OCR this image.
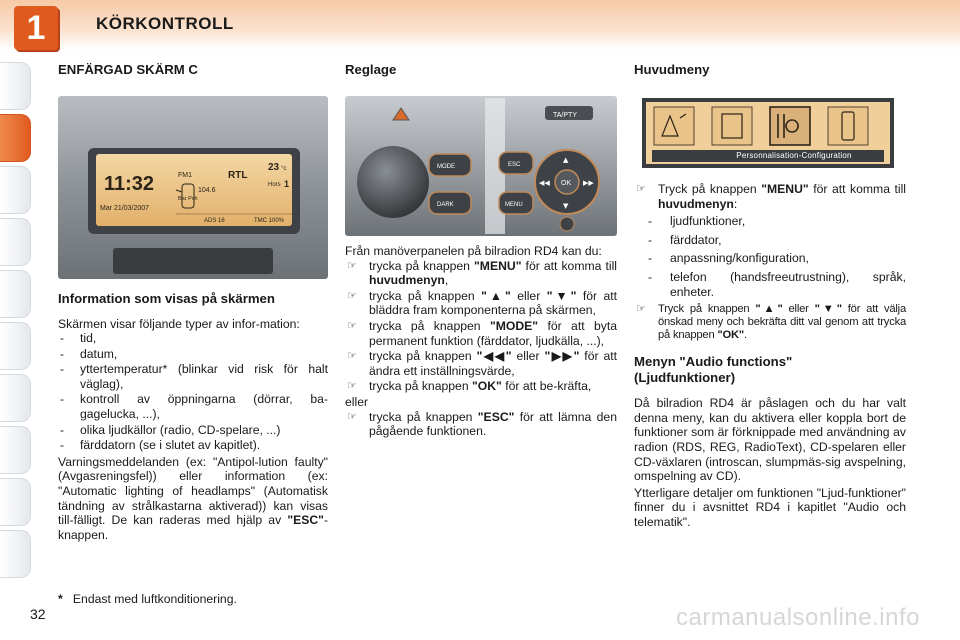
1	KÖRKONTROLL
ENFÄRGAD SKÄRM C
11:32
Mar 21/03/2007
23 °c
FM1	RTL
Hors 1
104.6
Bar Pch
ADS 16	TMC 100%
Information som visas på skärmen

Skärmen visar följande typer av infor-mation:

- tid,
- datum,
- yttertemperatur* (blinkar vid risk för halt väglag),
- kontroll av öppningarna (dörrar, ba-gagelucka, ...),
- olika ljudkällor (radio, CD-spelare, ...)
- färddatorn (se i slutet av kapitlet).

Varningsmeddelanden (ex: "Antipol-lution faulty" (Avgasreningsfel)) eller information (ex: "Automatic lighting of headlamps" (Automatisk tändning av strålkastarna aktiverad)) kan visas till-fälligt. De kan raderas med hjälp av "ESC"-knappen.

Reglage
TA/PTY
MODE
DARK
ESC
MENU
OK
▲
▼
◀◀	▶▶

Från manöverpanelen på bilradion RD4 kan du:

☞ trycka på knappen "MENU" för att komma till huvudmenyn,
☞ trycka på knappen "▲" eller "▼" för att bläddra fram komponenterna på skärmen,
☞ trycka på knappen "MODE" för att byta permanent funktion (färddator, ljudkälla, ...),
☞ trycka på knappen "◀◀" eller "▶▶" för att ändra ett inställningsvärde,
☞ trycka på knappen "OK" för att be-kräfta,

eller

☞ trycka på knappen "ESC" för att lämna den pågående funktionen.
Huvudmeny
Personnalisation-Configuration
☞ Tryck på knappen "MENU" för att komma till huvudmenyn:
- ljudfunktioner,
- färddator,
- anpassning/konfiguration,
- telefon (handsfreeutrustning), språk, enheter.
☞ Tryck på knappen "▲" eller "▼" för att välja önskad meny och bekräfta ditt val genom att trycka på knappen "OK".
Menyn "Audio functions" (Ljudfunktioner)

Då bilradion RD4 är påslagen och du har valt denna meny, kan du aktivera eller koppla bort de funktioner som är förknippade med användning av radion (RDS, REG, RadioText), CD-spelaren eller CD-växlaren (introscan, slumpmäs-sig avspelning, omspelning av CD).

Ytterligare detaljer om funktionen "Ljud-funktioner" finner du i avsnittet RD4 i kapitlet "Audio och telematik".

* Endast med luftkonditionering.
32	carmanualsonline.info
